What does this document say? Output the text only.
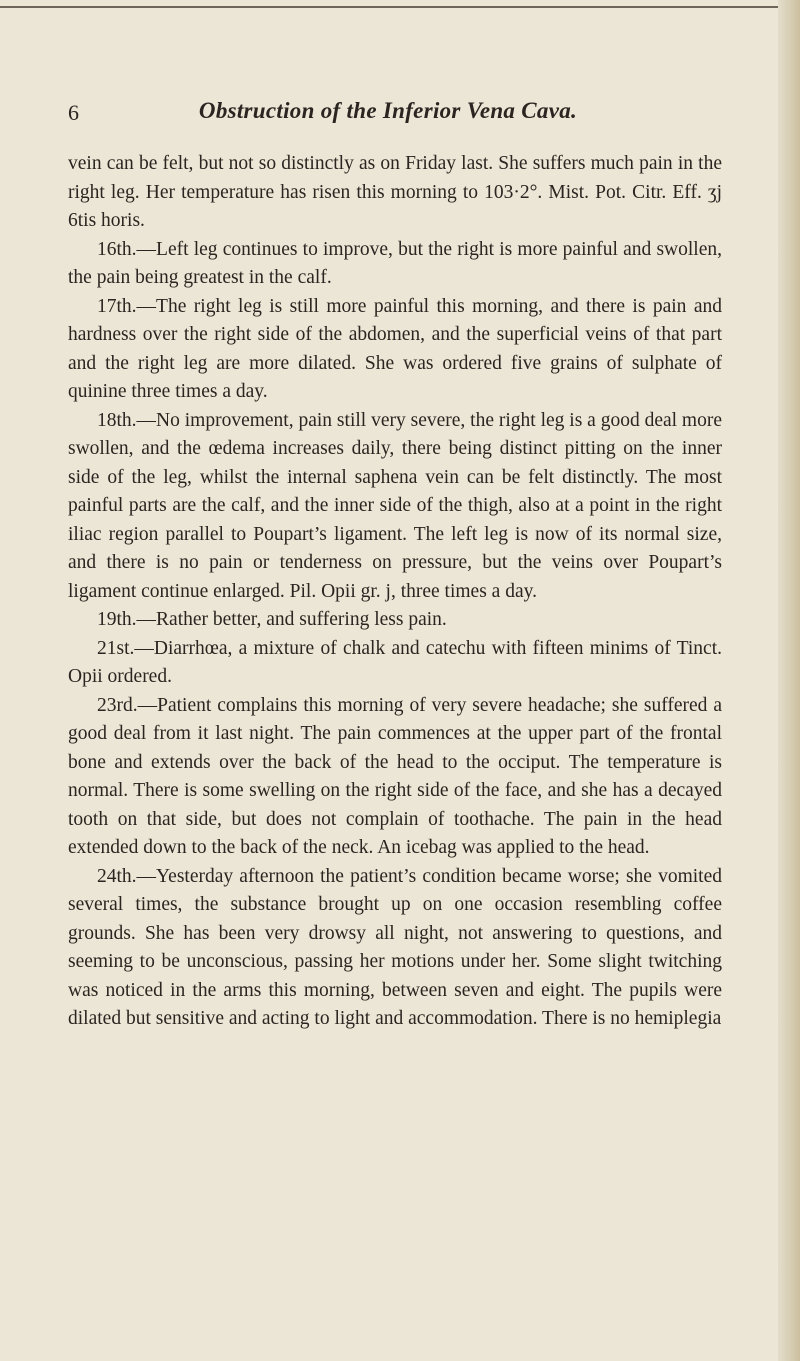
6	Obstruction of the Inferior Vena Cava.

vein can be felt, but not so distinctly as on Friday last. She suffers much pain in the right leg. Her temperature has risen this morning to 103·2°. Mist. Pot. Citr. Eff. ʒj 6tis horis.

16th.—Left leg continues to improve, but the right is more painful and swollen, the pain being greatest in the calf.

17th.—The right leg is still more painful this morning, and there is pain and hardness over the right side of the abdomen, and the superficial veins of that part and the right leg are more dilated. She was ordered five grains of sulphate of quinine three times a day.

18th.—No improvement, pain still very severe, the right leg is a good deal more swollen, and the œdema increases daily, there being distinct pitting on the inner side of the leg, whilst the internal saphena vein can be felt distinctly. The most painful parts are the calf, and the inner side of the thigh, also at a point in the right iliac region parallel to Poupart’s ligament. The left leg is now of its normal size, and there is no pain or tenderness on pressure, but the veins over Poupart’s ligament continue enlarged. Pil. Opii gr. j, three times a day.

19th.—Rather better, and suffering less pain.

21st.—Diarrhœa, a mixture of chalk and catechu with fifteen minims of Tinct. Opii ordered.

23rd.—Patient complains this morning of very severe headache; she suffered a good deal from it last night. The pain commences at the upper part of the frontal bone and extends over the back of the head to the occiput. The temperature is normal. There is some swelling on the right side of the face, and she has a decayed tooth on that side, but does not complain of toothache. The pain in the head extended down to the back of the neck. An icebag was applied to the head.

24th.—Yesterday afternoon the patient’s condition became worse; she vomited several times, the substance brought up on one occasion resembling coffee grounds. She has been very drowsy all night, not answering to questions, and seeming to be unconscious, passing her motions under her. Some slight twitching was noticed in the arms this morning, between seven and eight. The pupils were dilated but sensitive and acting to light and accommodation. There is no hemiplegia
